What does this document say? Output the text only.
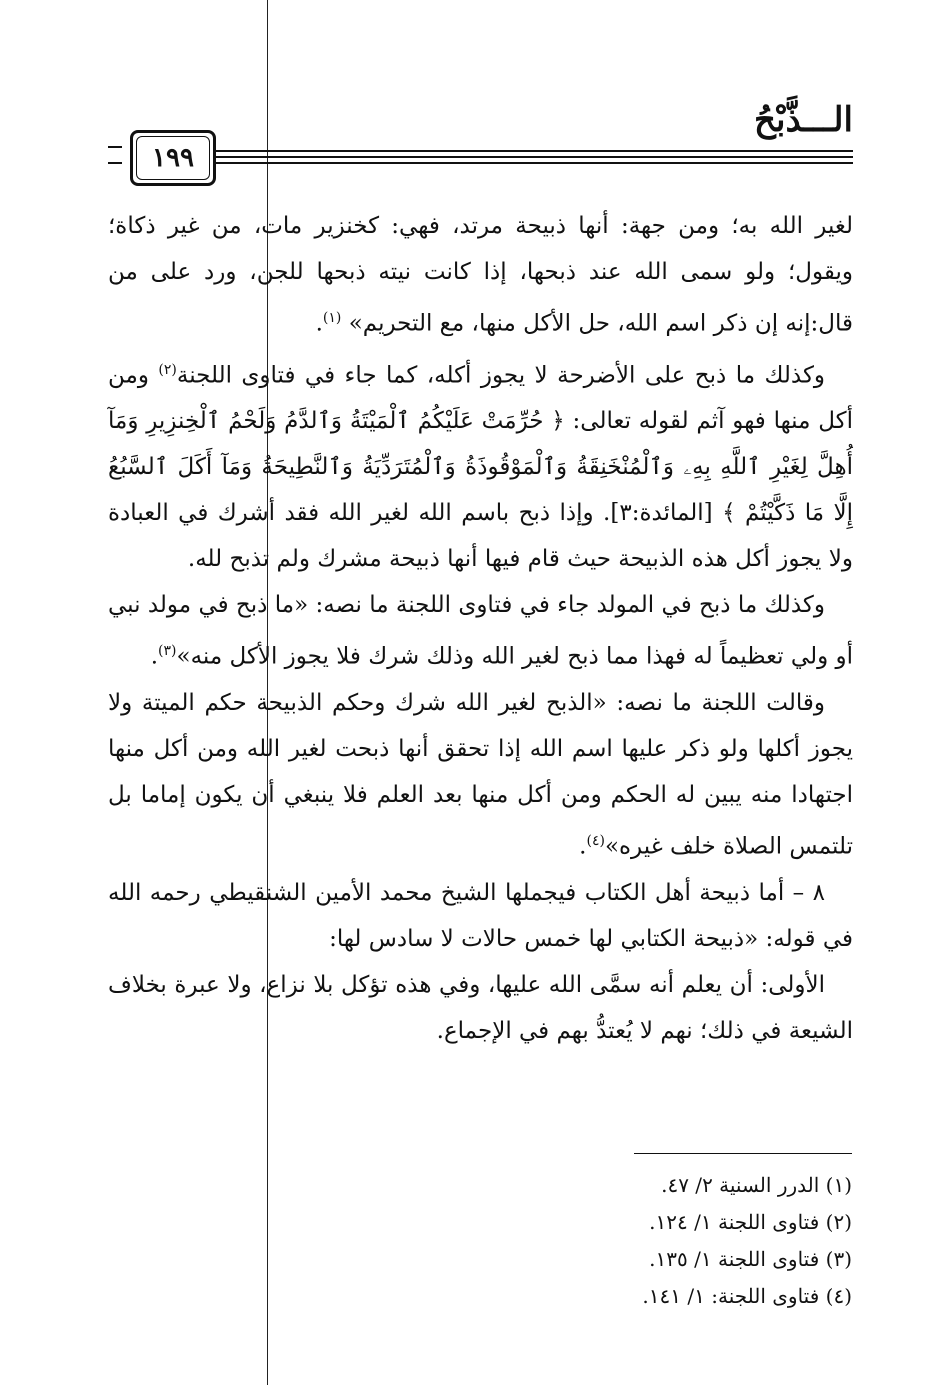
الـــذَّبْحُ
١٩٩

لغير الله به؛ ومن جهة: أنها ذبيحة مرتد، فهي: كخنزير مات، من غير ذكاة؛ ويقول؛ ولو سمى الله عند ذبحها، إذا كانت نيته ذبحها للجن، ورد على من قال:إنه إن ذكر اسم الله، حل الأكل منها، مع التحريم» $^{(١)}$.

وكذلك ما ذبح على الأضرحة لا يجوز أكله، كما جاء في فتاوى اللجنة$^{(٢)}$ ومن أكل منها فهو آثم لقوله تعالى: ﴿ حُرِّمَتْ عَلَيْكُمُ ٱلْمَيْتَةُ وَٱلدَّمُ وَلَحْمُ ٱلْخِنزِيرِ وَمَآ أُهِلَّ لِغَيْرِ ٱللَّهِ بِهِۦ وَٱلْمُنْخَنِقَةُ وَٱلْمَوْقُوذَةُ وَٱلْمُتَرَدِّيَةُ وَٱلنَّطِيحَةُ وَمَآ أَكَلَ ٱلسَّبُعُ إِلَّا مَا ذَكَّيْتُمْ ﴾ [المائدة:٣]. وإذا ذبح باسم الله لغير الله فقد أشرك في العبادة ولا يجوز أكل هذه الذبيحة حيث قام فيها أنها ذبيحة مشرك ولم تذبح لله.

وكذلك ما ذبح في المولد جاء في فتاوى اللجنة ما نصه: «ما ذبح في مولد نبي أو ولي تعظيماً له فهذا مما ذبح لغير الله وذلك شرك فلا يجوز الأكل منه»$^{(٣)}$.

وقالت اللجنة ما نصه: «الذبح لغير الله شرك وحكم الذبيحة حكم الميتة ولا يجوز أكلها ولو ذكر عليها اسم الله إذا تحقق أنها ذبحت لغير الله ومن أكل منها اجتهادا منه يبين له الحكم ومن أكل منها بعد العلم فلا ينبغي أن يكون إماما بل تلتمس الصلاة خلف غيره»$^{(٤)}$.

٨ – أما ذبيحة أهل الكتاب فيجملها الشيخ محمد الأمين الشنقيطي رحمه الله في قوله: «ذبيحة الكتابي لها خمس حالات لا سادس لها:

الأولى: أن يعلم أنه سمَّى الله عليها، وفي هذه تؤكل بلا نزاع، ولا عبرة بخلاف الشيعة في ذلك؛ نهم لا يُعتدُّ بهم في الإجماع.

(١) الدرر السنية ٢/ ٤٧.
(٢) فتاوى اللجنة ١/ ١٢٤.
(٣) فتاوى اللجنة ١/ ١٣٥.
(٤) فتاوى اللجنة: ١/ ١٤١.
